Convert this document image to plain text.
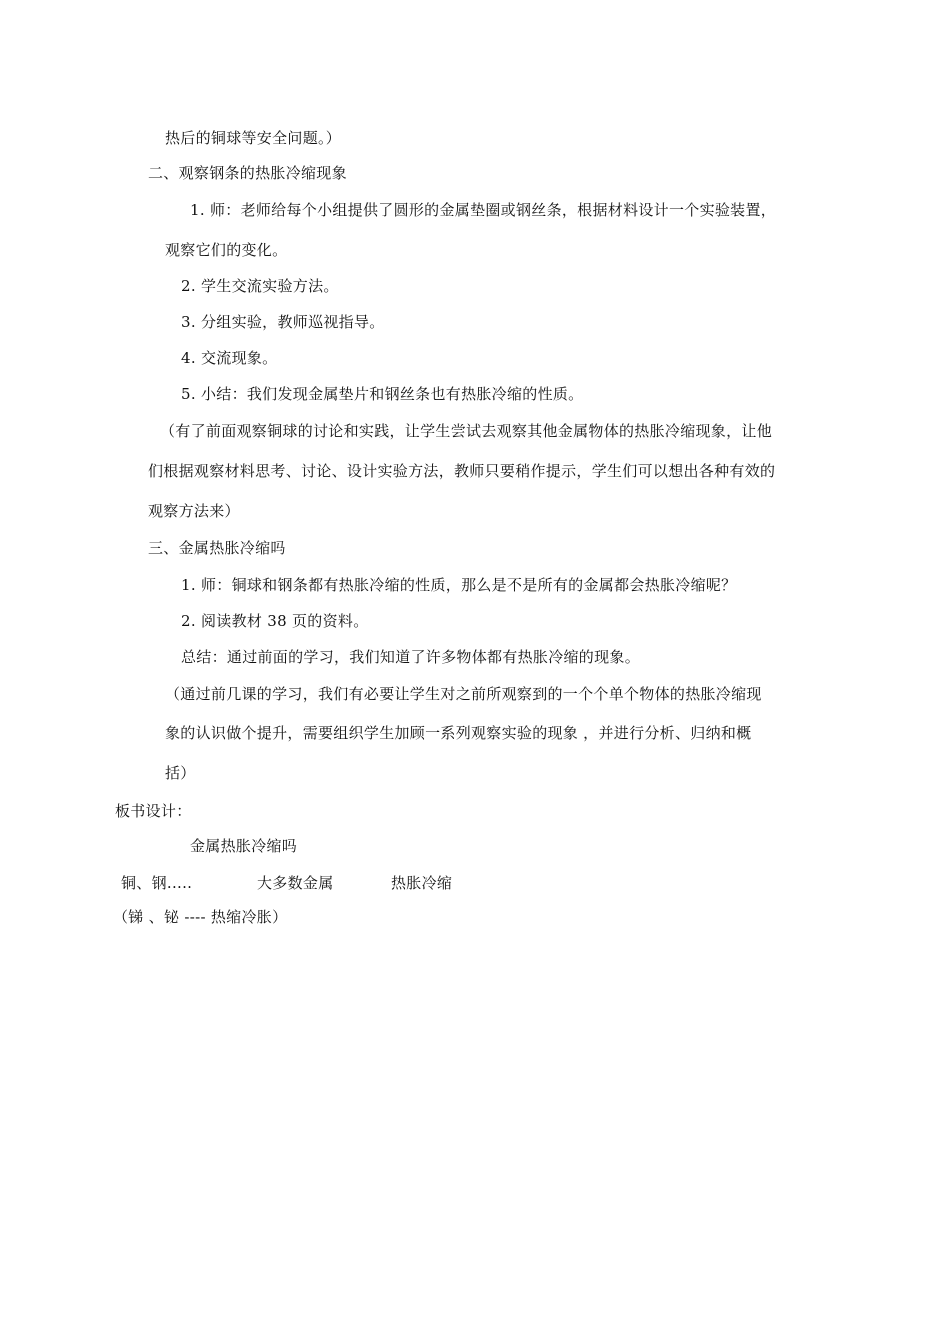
热后的铜球等安全问题。）
二、观察钢条的热胀冷缩现象
1. 师：老师给每个小组提供了圆形的金属垫圈或钢丝条，根据材料设计一个实验装置，
观察它们的变化。
2. 学生交流实验方法。
3. 分组实验，教师巡视指导。
4. 交流现象。
5. 小结：我们发现金属垫片和钢丝条也有热胀冷缩的性质。
（有了前面观察铜球的讨论和实践，让学生尝试去观察其他金属物体的热胀冷缩现象，让他
们根据观察材料思考、讨论、设计实验方法，教师只要稍作提示，学生们可以想出各种有效的
观察方法来）
三、金属热胀冷缩吗
1. 师：铜球和钢条都有热胀冷缩的性质，那么是不是所有的金属都会热胀冷缩呢？
2. 阅读教材 38 页的资料。
总结：通过前面的学习，我们知道了许多物体都有热胀冷缩的现象。
（通过前几课的学习，我们有必要让学生对之前所观察到的一个个单个物体的热胀冷缩现
象的认识做个提升，需要组织学生加顾一系列观察实验的现象 ，并进行分析、归纳和概
括）
板书设计：
金属热胀冷缩吗
铜、钢.....	大多数金属	热胀冷缩
（锑 、铋 ---- 热缩冷胀）
